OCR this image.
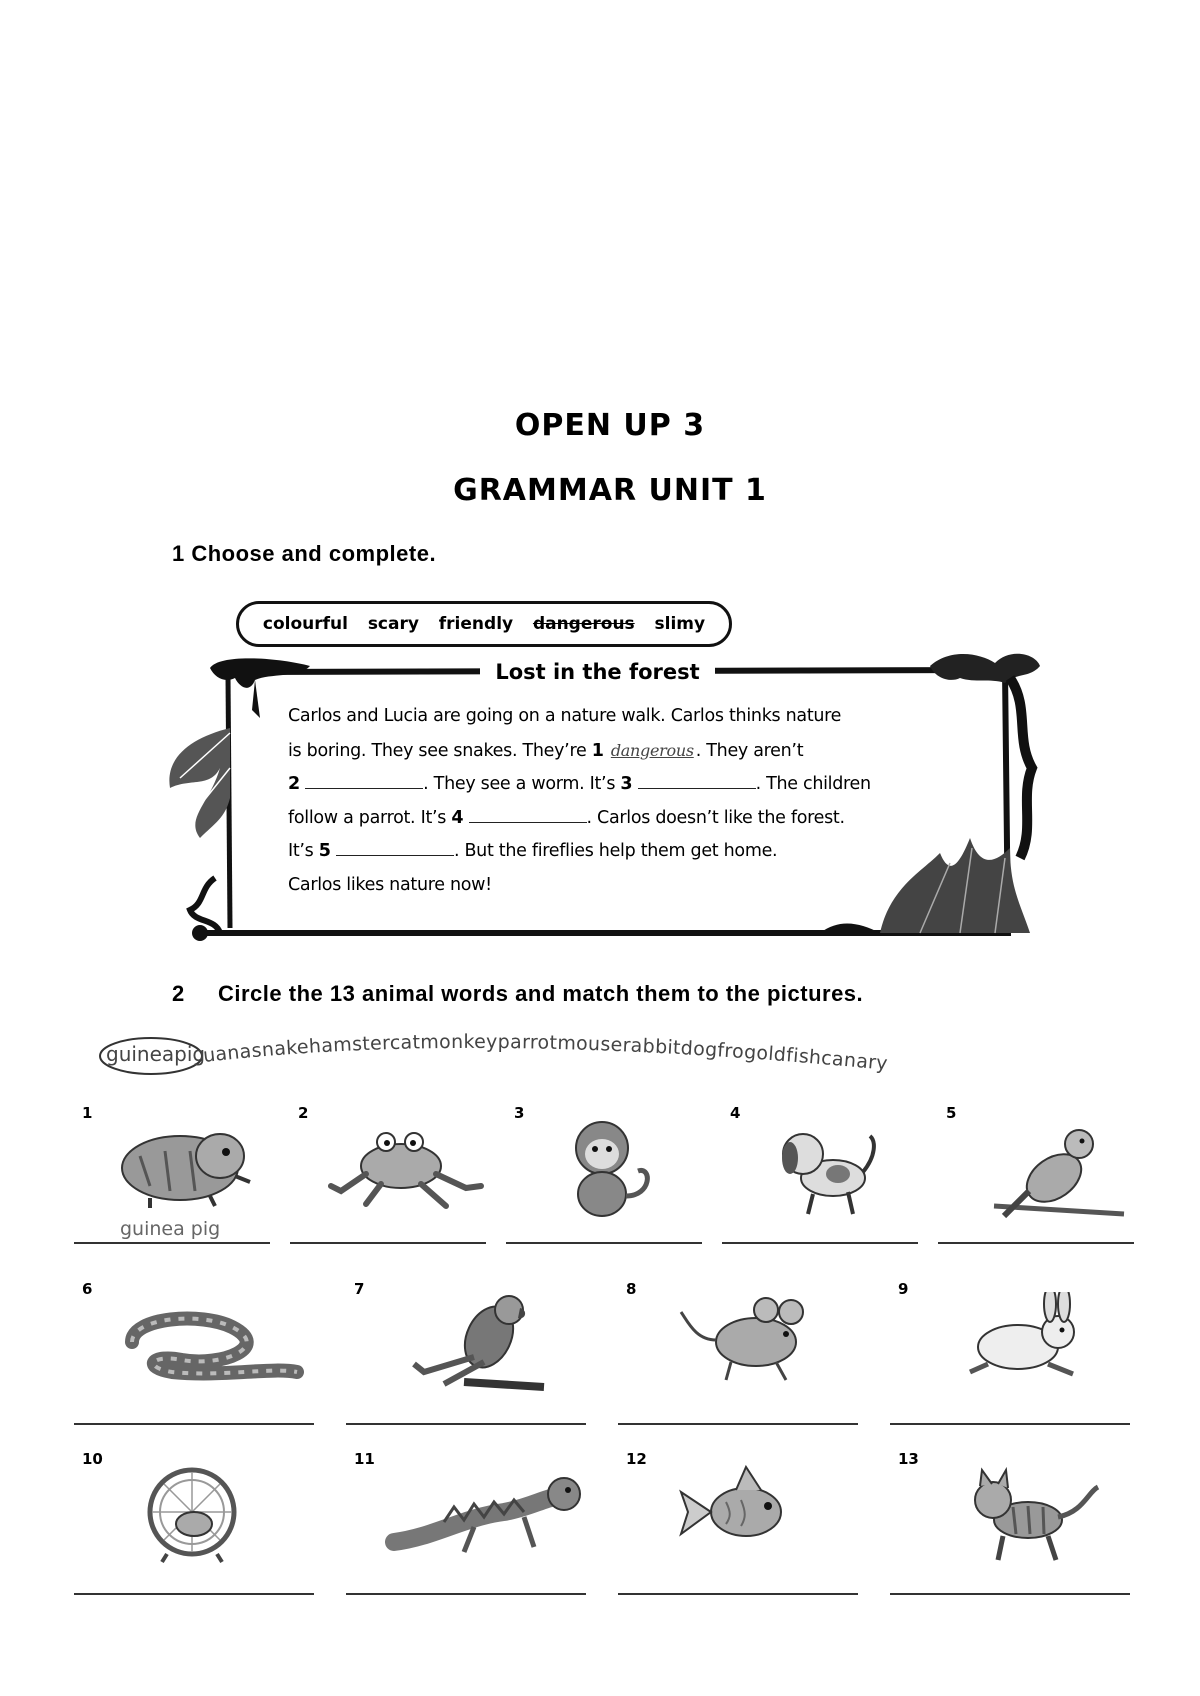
OPEN UP 3
GRAMMAR UNIT 1
1 Choose and complete.
colourful scary friendly dangerous slimy
Lost in the forest
Carlos and Lucia are going on a nature walk. Carlos thinks nature
is boring. They see snakes. They’re 1 dangerous . They aren’t
2	. They see a worm. It’s 3	. The children
follow a parrot. It’s 4	. Carlos doesn’t like the forest.
It’s 5	. But the fireflies help them get home.
Carlos likes nature now!
2 Circle the 13 animal words and match them to the pictures.
guineapig
uanasnakehamstercatmonkeyparrotmouserabbitdogfrogoldfishcanary
1
guinea pig
2	3	4	5
6	7	8	9
10	11	12	13
